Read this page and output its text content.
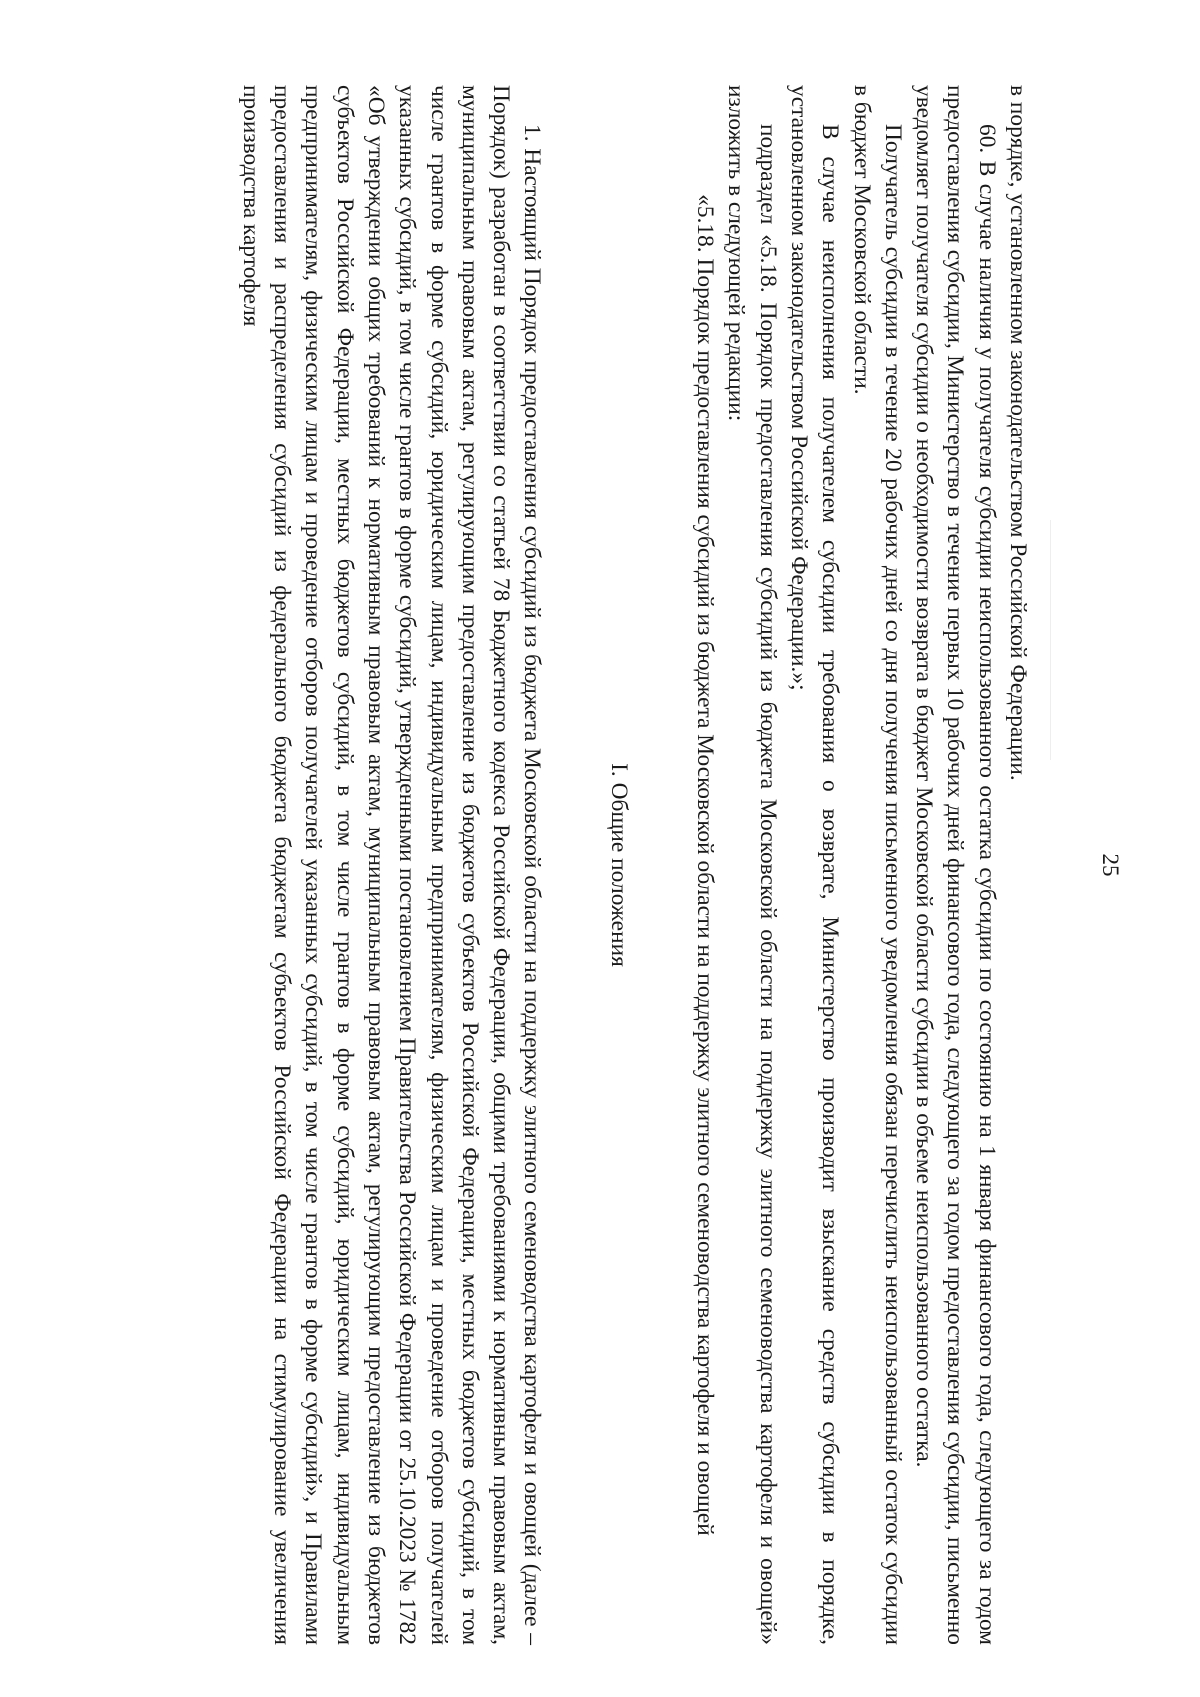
25

в порядке, установленном законодательством Российской Федерации.

60. В случае наличия у получателя субсидии неиспользованного остатка субсидии по состоянию на 1 января финансового года, следующего за годом предоставления субсидии, Министерство в течение первых 10 рабочих дней финансового года, следующего за годом предоставления субсидии, письменно уведомляет получателя субсидии о необходимости возврата в бюджет Московской области субсидии в объеме неиспользованного остатка.

Получатель субсидии в течение 20 рабочих дней со дня получения письменного уведомления обязан перечислить неиспользованный остаток субсидии в бюджет Московской области.

В случае неисполнения получателем субсидии требования о возврате, Министерство производит взыскание средств субсидии в порядке, установленном законодательством Российской Федерации.»;

подраздел «5.18. Порядок предоставления субсидий из бюджета Московской области на поддержку элитного семеноводства картофеля и овощей» изложить в следующей редакции:

«5.18. Порядок предоставления субсидий из бюджета Московской области на поддержку элитного семеноводства картофеля и овощей

I. Общие положения

1. Настоящий Порядок предоставления субсидий из бюджета Московской области на поддержку элитного семеноводства картофеля и овощей (далее – Порядок) разработан в соответствии со статьей 78 Бюджетного кодекса Российской Федерации, общими требованиями к нормативным правовым актам, муниципальным правовым актам, регулирующим предоставление из бюджетов субъектов Российской Федерации, местных бюджетов субсидий, в том числе грантов в форме субсидий, юридическим лицам, индивидуальным предпринимателям, физическим лицам и проведение отборов получателей указанных субсидий, в том числе грантов в форме субсидий, утвержденными постановлением Правительства Российской Федерации от 25.10.2023 № 1782 «Об утверждении общих требований к нормативным правовым актам, муниципальным правовым актам, регулирующим предоставление из бюджетов субъектов Российской Федерации, местных бюджетов субсидий, в том числе грантов в форме субсидий, юридическим лицам, индивидуальным предпринимателям, физическим лицам и проведение отборов получателей указанных субсидий, в том числе грантов в форме субсидий», и Правилами предоставления и распределения субсидий из федерального бюджета бюджетам субъектов Российской Федерации на стимулирование увеличения производства картофеля
